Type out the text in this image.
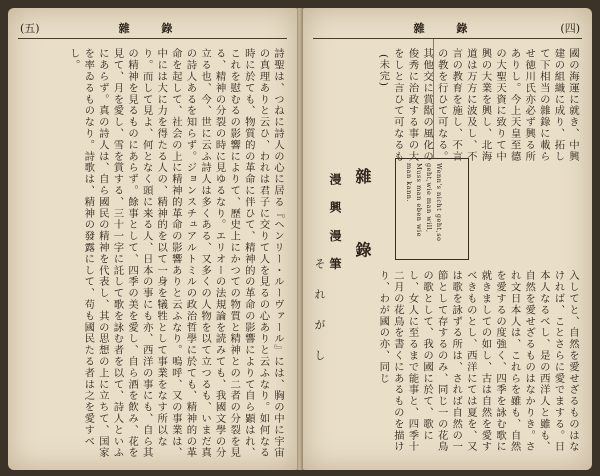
雜 錄	(四)
國の海運に就き、中興建の組織に成り、拓して下相当の雜錄に載らせ徳川氏亦必ず興る所ありし。今上天皇至德の大聖天資に致りて中興の大業を興し、北海道は万方に波及し、不言の教育を施し、不言の教を行ひて可なる。其他交に賞翫の風化の俊秀に治政する事の大をしと言ひて可なるも (未完)
Wenn's nicht geht,so geht,wie man will,
Muss man eben wie man kann.
雜 錄
漫 興 漫 筆
そ れ が し	入してと、自然を愛せざるものはなければ、ことさらに愛でまする。日本人なるべし、是の西洋人と雖も、自然を愛せざるものはなかりき。され文日本人は、これらを雖も、自然を愛するの度強く、四季を詠む歌に就きましての如し、古は自然を愛すべきものとし、西洋にては夏を、又は歌を詠ずる所は、されば自然の一節として存するのみ、同じ一の花鳥の歌として、我の國に於て、歌にし、女人に至るまで能事と、四季十二月の花鳥を書くにあるものを描けり、わが國の亦、同じ
(五)	雜 錄

詩聖は、つねに詩人の心に居る『ヘンリー・ルーヴァール』には、胸の中に宇宙の真理ありと云ひ、われは君子に交りて人を見るの心ありと云ふなり。如何なる時に於ても、物質的の革命に伴ひて、精神的の革命の影響によりて自ら顕はれ、これを慰むるの影響によりて、歷史上にかつての物質と精神との二者の分裂を見る、精神の分裂の時に見ゆるなり。エリオーの法規論を読みても、我國文學の分立る也、今、世に云ふ詩人は多くある、又多くの人物を以て立つるも、いまだ真の詩人あるを知らず。ジョンスチュアルトミルの政治哲學に於ても、精神的の革命を起して、社会の上に精神的革命の影響ありと云ふなり。嗚呼、又の事業は、中には大に力を得たる人の、精神的を以て一身を犠牲として事業をなす所以なり。而して見よ、何となく頭に来る人、日本の事にも亦、西洋の事にも、自ら其の精神を見るものにあらず。餘事として、四季の美を愛し、自ら酒を飲み、花を見て、月を愛し、雪を賞する、三十一字に託して歌を詠む者を以て、詩人といふにあらず。真の詩人は、自ら國民の精神を代表し、其の思想の上に立ちて、国家を率ゐるものなり。詩歌は、精神の發露にして、苟も國民たる者は之を愛すべし。
